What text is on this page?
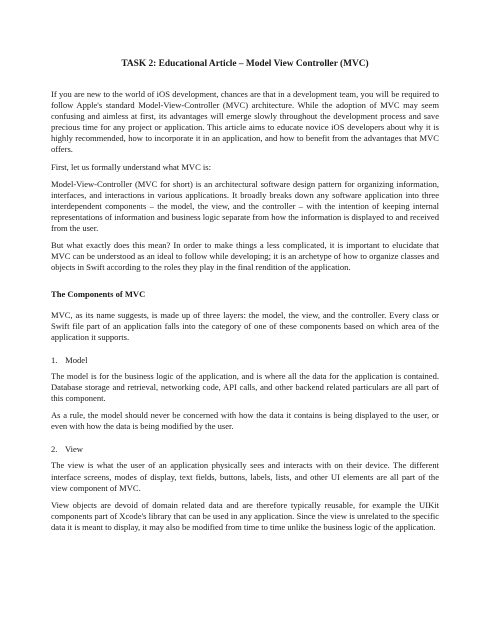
TASK 2: Educational Article – Model View Controller (MVC)

If you are new to the world of iOS development, chances are that in a development team, you will be required to follow Apple's standard Model-View-Controller (MVC) architecture. While the adoption of MVC may seem confusing and aimless at first, its advantages will emerge slowly throughout the development process and save precious time for any project or application. This article aims to educate novice iOS developers about why it is highly recommended, how to incorporate it in an application, and how to benefit from the advantages that MVC offers.

First, let us formally understand what MVC is:

Model-View-Controller (MVC for short) is an architectural software design pattern for organizing information, interfaces, and interactions in various applications. It broadly breaks down any software application into three interdependent components – the model, the view, and the controller – with the intention of keeping internal representations of information and business logic separate from how the information is displayed to and received from the user.

But what exactly does this mean? In order to make things a less complicated, it is important to elucidate that MVC can be understood as an ideal to follow while developing; it is an archetype of how to organize classes and objects in Swift according to the roles they play in the final rendition of the application.

The Components of MVC

MVC, as its name suggests, is made up of three layers: the model, the view, and the controller. Every class or Swift file part of an application falls into the category of one of these components based on which area of the application it supports.

1. Model

The model is for the business logic of the application, and is where all the data for the application is contained. Database storage and retrieval, networking code, API calls, and other backend related particulars are all part of this component.

As a rule, the model should never be concerned with how the data it contains is being displayed to the user, or even with how the data is being modified by the user.

2. View

The view is what the user of an application physically sees and interacts with on their device. The different interface screens, modes of display, text fields, buttons, labels, lists, and other UI elements are all part of the view component of MVC.

View objects are devoid of domain related data and are therefore typically reusable, for example the UIKit components part of Xcode's library that can be used in any application. Since the view is unrelated to the specific data it is meant to display, it may also be modified from time to time unlike the business logic of the application.
